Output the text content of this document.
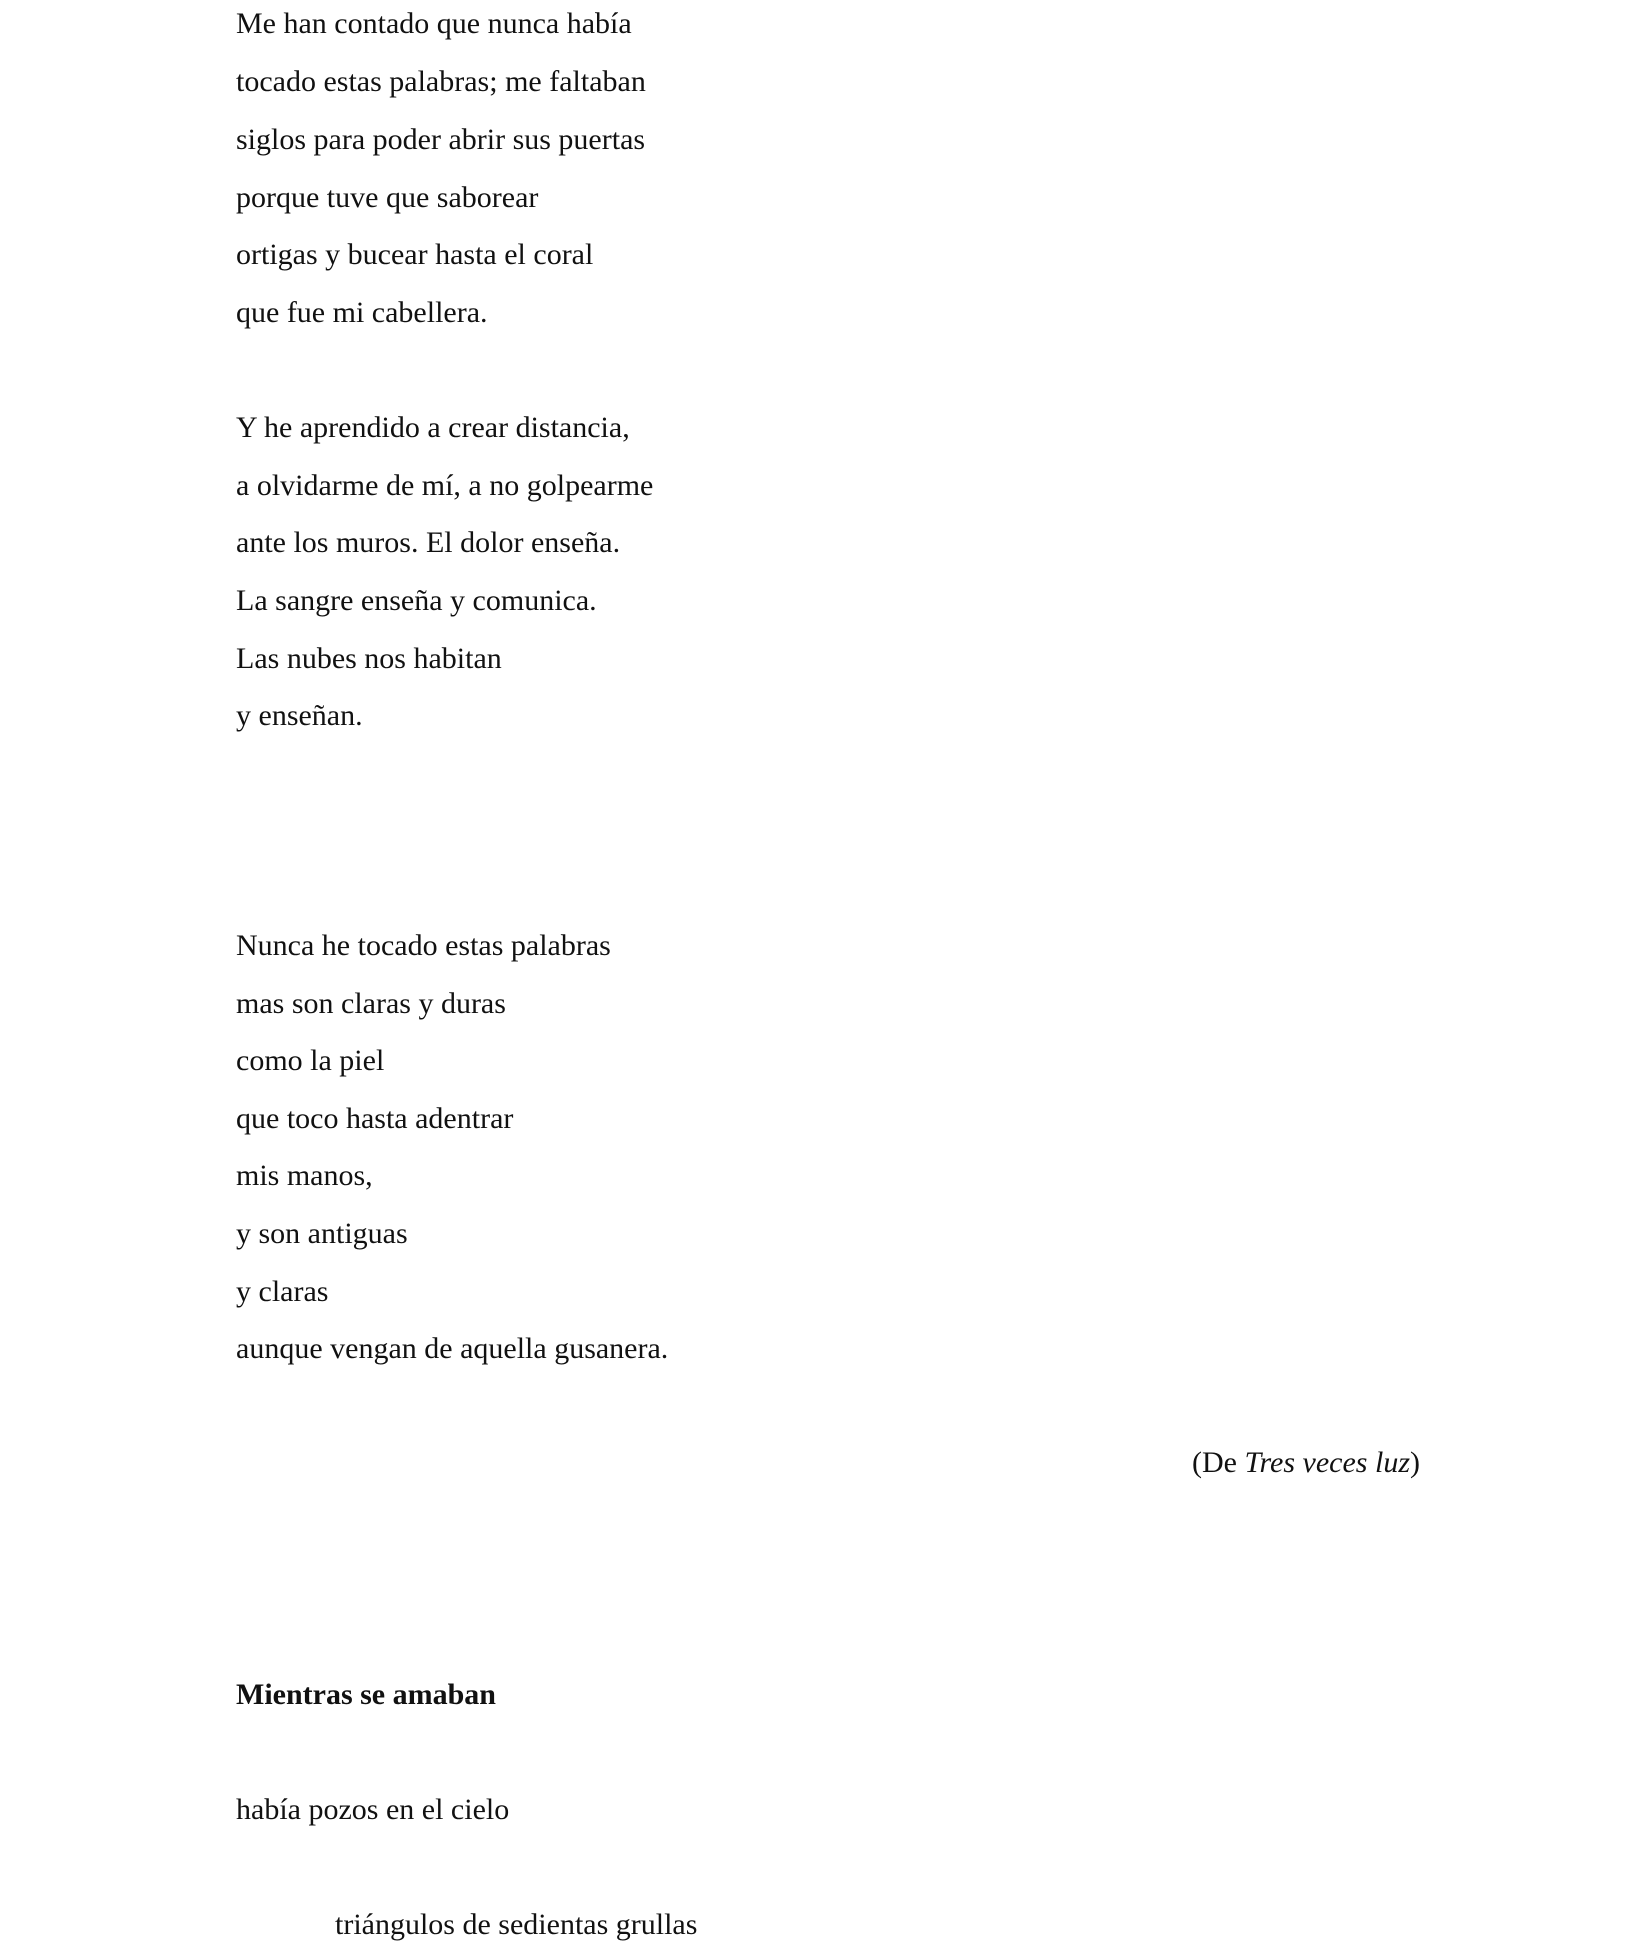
Me han contado que nunca había
tocado estas palabras; me faltaban
siglos para poder abrir sus puertas
porque tuve que saborear
ortigas y bucear hasta el coral
que fue mi cabellera.
Y he aprendido a crear distancia,
a olvidarme de mí, a no golpearme
ante los muros. El dolor enseña.
La sangre enseña y comunica.
Las nubes nos habitan
y enseñan.
Nunca he tocado estas palabras
mas son claras y duras
como la piel
que toco hasta adentrar
mis manos,
y son antiguas
y claras
aunque vengan de aquella gusanera.
(De Tres veces luz)
Mientras se amaban
había pozos en el cielo
triángulos de sedientas grullas
